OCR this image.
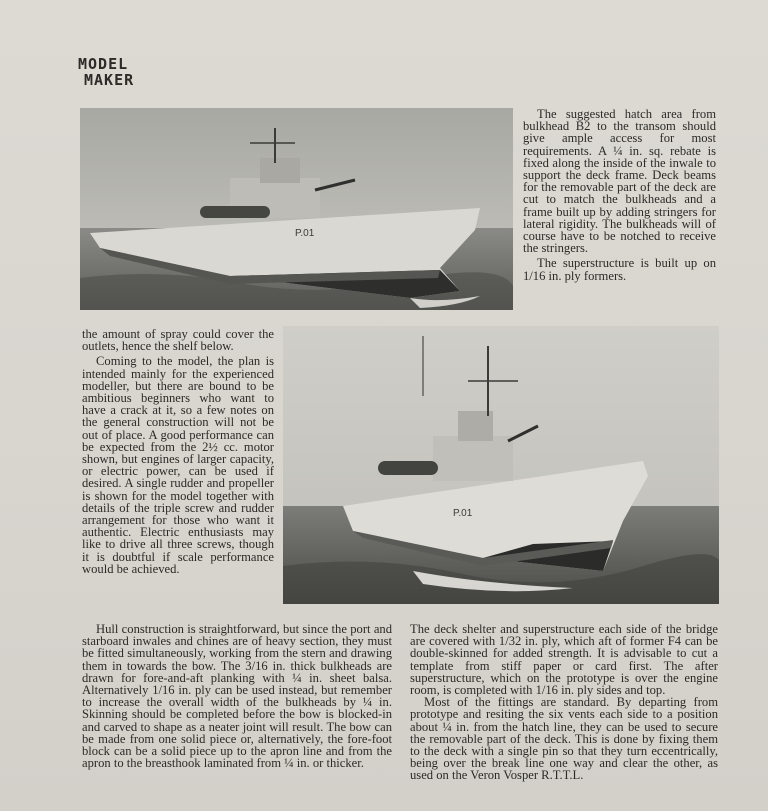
MODEL
MAKER
P.01
P.01

The suggested hatch area from bulkhead B2 to the transom should give ample access for most requirements. A ¼ in. sq. rebate is fixed along the inside of the inwale to support the deck frame. Deck beams for the removable part of the deck are cut to match the bulkheads and a frame built up by adding stringers for lateral rigidity. The bulkheads will of course have to be notched to receive the stringers.

The superstructure is built up on 1/16 in. ply formers.

the amount of spray could cover the outlets, hence the shelf below.

Coming to the model, the plan is intended mainly for the experienced modeller, but there are bound to be ambitious beginners who want to have a crack at it, so a few notes on the general construction will not be out of place. A good performance can be expected from the 2½ cc. motor shown, but engines of larger capacity, or electric power, can be used if desired. A single rudder and propeller is shown for the model together with details of the triple screw and rudder arrangement for those who want it authentic. Electric enthusiasts may like to drive all three screws, though it is doubtful if scale performance would be achieved.

Hull construction is straightforward, but since the port and starboard inwales and chines are of heavy section, they must be fitted simultaneously, working from the stern and drawing them in towards the bow. The 3/16 in. thick bulkheads are drawn for fore-and-aft planking with ¼ in. sheet balsa. Alternatively 1/16 in. ply can be used instead, but remember to increase the overall width of the bulkheads by ¼ in. Skinning should be completed before the bow is blocked-in and carved to shape as a neater joint will result. The bow can be made from one solid piece or, alternatively, the fore-foot block can be a solid piece up to the apron line and from the apron to the breasthook laminated from ¼ in. or thicker.

The deck shelter and superstructure each side of the bridge are covered with 1/32 in. ply, which aft of former F4 can be double-skinned for added strength. It is advisable to cut a template from stiff paper or card first. The after superstructure, which on the prototype is over the engine room, is completed with 1/16 in. ply sides and top.

Most of the fittings are standard. By departing from prototype and resiting the six vents each side to a position about ¼ in. from the hatch line, they can be used to secure the removable part of the deck. This is done by fixing them to the deck with a single pin so that they turn eccentrically, being over the break line one way and clear the other, as used on the Veron Vosper R.T.T.L.
